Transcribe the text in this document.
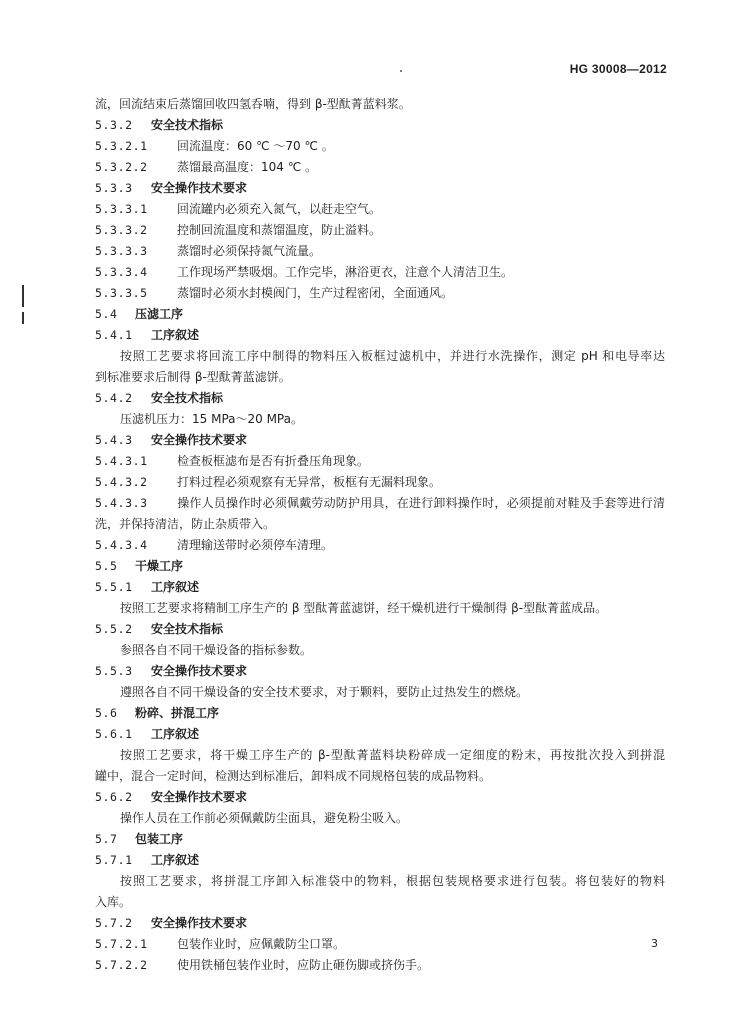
HG 30008—2012
流，回流结束后蒸馏回收四氢呑喃，得到 β-型酞菁蓝料浆。
5.3.2 安全技术指标
5.3.2.1 回流温度：60 ℃ ～70 ℃ 。
5.3.2.2 蒸馏最高温度：104 ℃ 。
5.3.3 安全操作技术要求
5.3.3.1 回流罐内必须充入氮气，以赶走空气。
5.3.3.2 控制回流温度和蒸馏温度，防止溢料。
5.3.3.3 蒸馏时必须保持氮气流量。
5.3.3.4 工作现场严禁吸烟。工作完毕，淋浴更衣，注意个人清洁卫生。
5.3.3.5 蒸馏时必须水封模阀门，生产过程密闭，全面通风。
5.4 压滤工序
5.4.1 工序叙述
按照工艺要求将回流工序中制得的物料压入板框过滤机中，并进行水洗操作，测定 pH 和电导率达
到标准要求后制得 β-型酞菁蓝滤饼。
5.4.2 安全技术指标
压滤机压力：15 MPa～20 MPa。
5.4.3 安全操作技术要求
5.4.3.1 检查板框滤布是否有折叠压角现象。
5.4.3.2 打料过程必须观察有无异常，板框有无漏料现象。
5.4.3.3 操作人员操作时必须佩戴劳动防护用具，在进行卸料操作时，必须提前对鞋及手套等进行清
洗，并保持清洁，防止杂质带入。
5.4.3.4 清理输送带时必须停车清理。
5.5 干燥工序
5.5.1 工序叙述
按照工艺要求将精制工序生产的 β 型酞菁蓝滤饼，经干燥机进行干燥制得 β-型酞菁蓝成品。
5.5.2 安全技术指标
参照各自不同干燥设备的指标参数。
5.5.3 安全操作技术要求
遵照各自不同干燥设备的安全技术要求，对于颗料，要防止过热发生的燃烧。
5.6 粉碎、拼混工序
5.6.1 工序叙述
按照工艺要求，将干燥工序生产的 β-型酞菁蓝料块粉碎成一定细度的粉末，再按批次投入到拼混
罐中，混合一定时间，检测达到标准后，卸料成不同规格包装的成品物料。
5.6.2 安全操作技术要求
操作人员在工作前必须佩戴防尘面具，避免粉尘吸入。
5.7 包装工序
5.7.1 工序叙述
按照工艺要求，将拼混工序卸入标准袋中的物料，根据包装规格要求进行包装。将包装好的物料
入库。
5.7.2 安全操作技术要求
5.7.2.1 包装作业时，应佩戴防尘口罩。
5.7.2.2 使用铁桶包装作业时，应防止砸伤脚或挤伤手。
3
